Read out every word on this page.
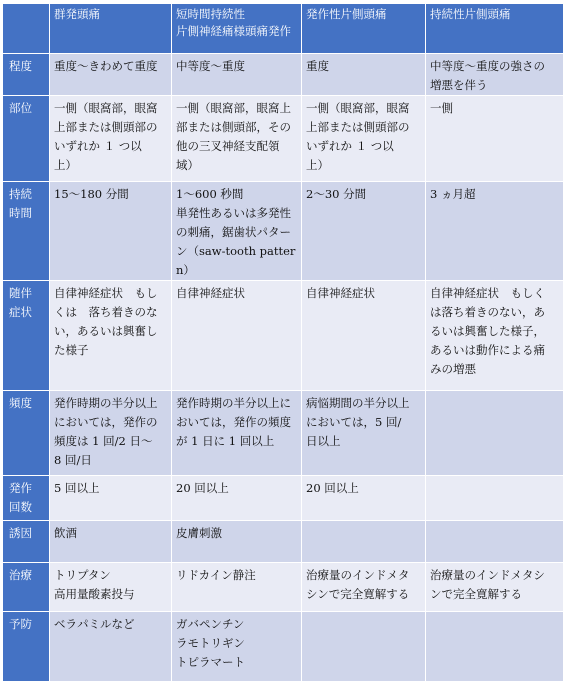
	群発頭痛	短時間持続性
片側神経痛様頭痛発作	発作性片側頭痛	持続性片側頭痛
程度	重度～きわめて重度	中等度～重度	重度	中等度～重度の強さの
増悪を伴う

部位	一側（眼窩部，眼窩
上部または側頭部の
いずれか １ つ以
上）	一側（眼窩部，眼窩上
部または側頭部，その
他の三叉神経支配領
域）	一側（眼窩部，眼窩
上部または側頭部の
いずれか １ つ以
上）	一側

持続
時間	15～180 分間	1～600 秒間
単発性あるいは多発性
の刺痛，鋸歯状パター
ン（saw-tooth pattern）	2～30 分間	3 ヵ月超

随伴
症状	自律神経症状　もし
くは　落ち着きのな
い，あるいは興奮し
た様子	自律神経症状	自律神経症状	自律神経症状　もしく
は落ち着きのない，あ
るいは興奮した様子，
あるいは動作による痛
みの増悪

頻度	発作時期の半分以上
においては，発作の
頻度は 1 回/2 日～
8 回/日	発作時期の半分以上に
おいては，発作の頻度
が 1 日に 1 回以上	病悩期間の半分以上
においては，5 回/
日以上	

発作
回数	5 回以上	20 回以上	20 回以上	
誘因	飲酒	皮膚刺激		
治療	トリプタン
高用量酸素投与	リドカイン静注	治療量のインドメタ
シンで完全寛解する	治療量のインドメタシ
ンで完全寛解する

予防	ベラパミルなど	ガバペンチン
ラモトリギン
トピラマート		
